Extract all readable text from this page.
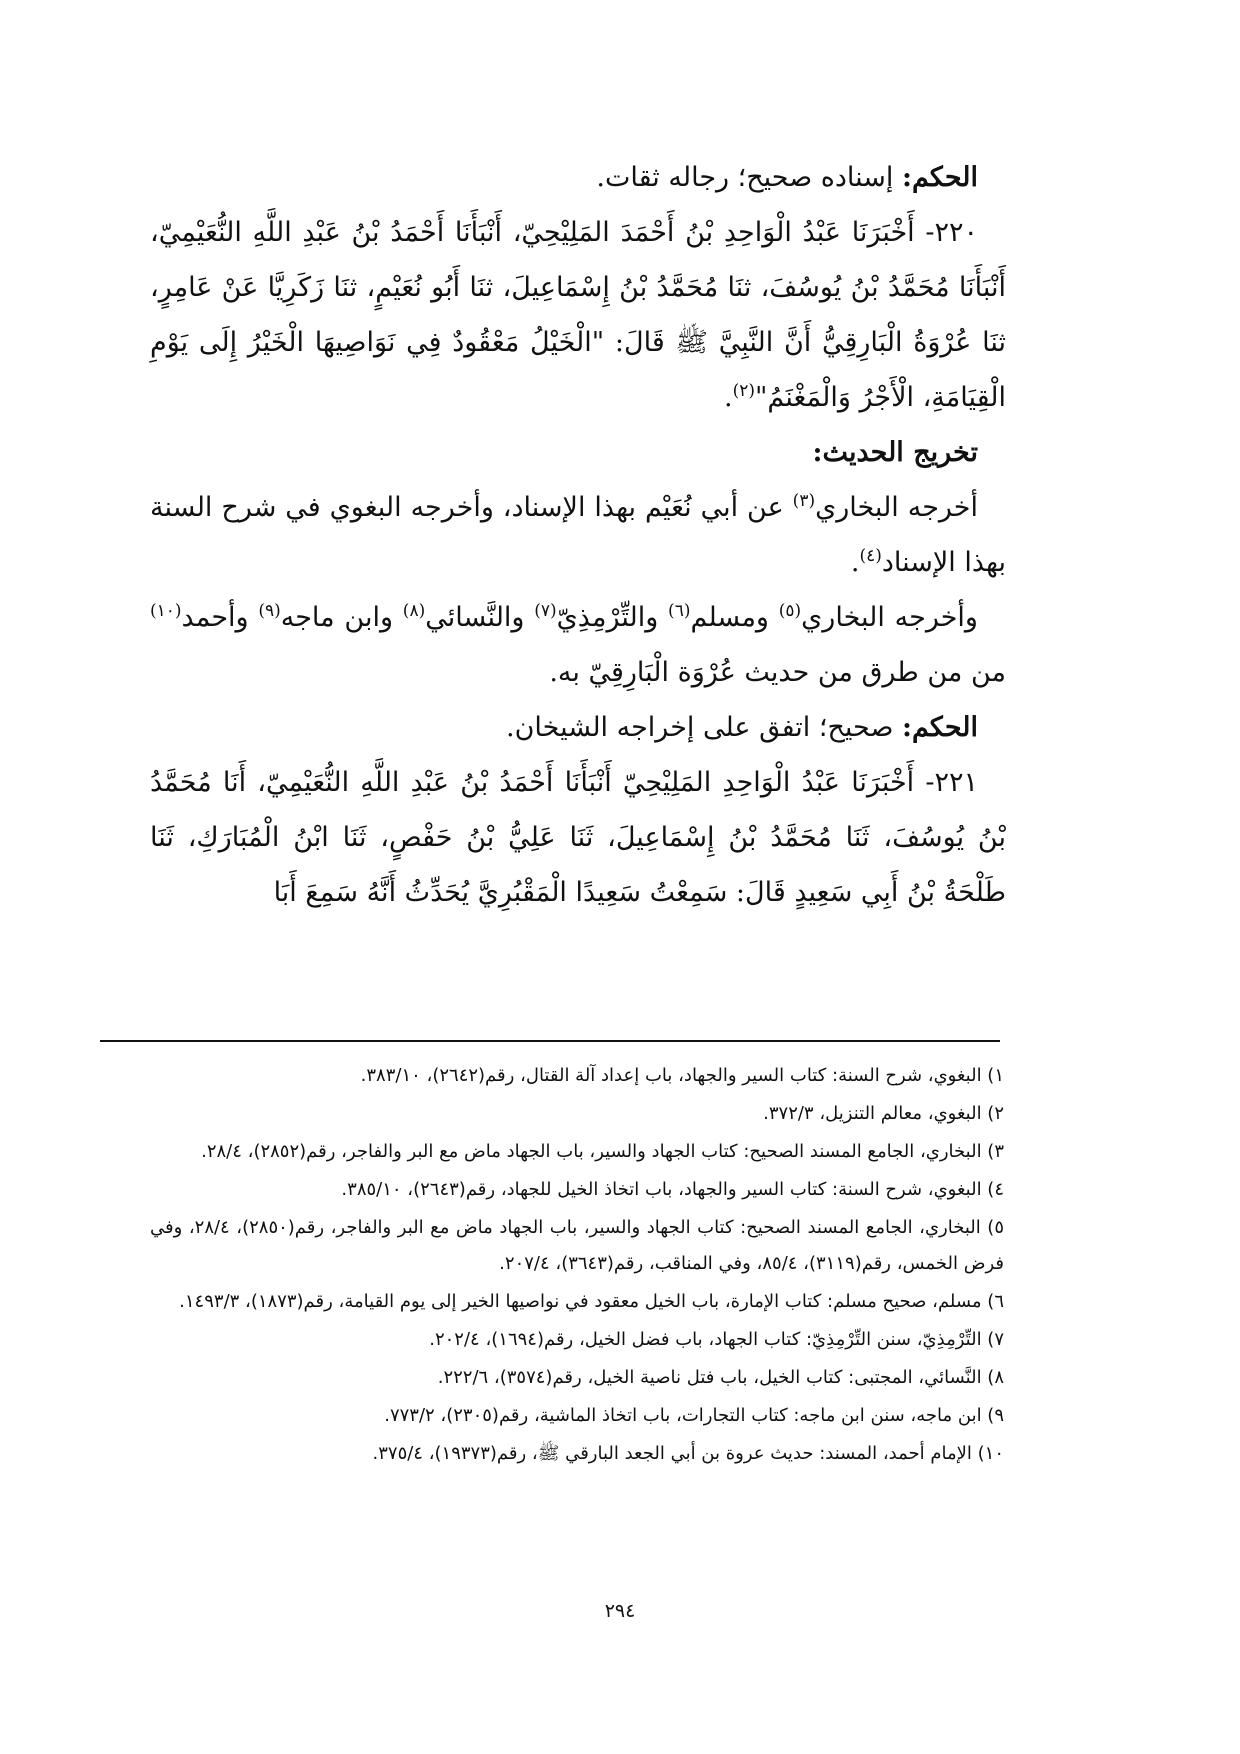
الحكم: إسناده صحيح؛ رجاله ثقات.

٢٢٠- أَخْبَرَنَا عَبْدُ الْوَاحِدِ بْنُ أَحْمَدَ المَلِيْحِيّ، أَنْبَأَنَا أَحْمَدُ بْنُ عَبْدِ اللَّهِ النُّعَيْمِيّ، أَنْبَأَنَا مُحَمَّدُ بْنُ يُوسُفَ، ثنَا مُحَمَّدُ بْنُ إِسْمَاعِيلَ، ثنَا أَبُو نُعَيْمٍ، ثنَا زَكَرِيَّا عَنْ عَامِرٍ، ثنَا عُرْوَةُ الْبَارِقِيُّ أَنَّ النَّبِيَّ ﷺ قَالَ: "الْخَيْلُ مَعْقُودٌ فِي نَوَاصِيهَا الْخَيْرُ إِلَى يَوْمِ الْقِيَامَةِ، الْأَجْرُ وَالْمَغْنَمُ"$^{(٢)}$.

تخريج الحديث:

أخرجه البخاري$^{(٣)}$ عن أبي نُعَيْم بهذا الإسناد، وأخرجه البغوي في شرح السنة بهذا الإسناد$^{(٤)}$.

وأخرجه البخاري$^{(٥)}$ ومسلم$^{(٦)}$ والتِّرْمِذِيّ$^{(٧)}$ والنَّسائي$^{(٨)}$ وابن ماجه$^{(٩)}$ وأحمد$^{(١٠)}$ من من طرق من حديث عُرْوَة الْبَارِقِيّ به.

الحكم: صحيح؛ اتفق على إخراجه الشيخان.

٢٢١- أَخْبَرَنَا عَبْدُ الْوَاحِدِ المَلِيْحِيّ أَنْبَأَنَا أَحْمَدُ بْنُ عَبْدِ اللَّهِ النُّعَيْمِيّ، أَنَا مُحَمَّدُ بْنُ يُوسُفَ، ثَنَا مُحَمَّدُ بْنُ إِسْمَاعِيلَ، ثَنَا عَلِيُّ بْنُ حَفْصٍ، ثَنَا ابْنُ الْمُبَارَكِ، ثَنَا طَلْحَةُ بْنُ أَبِي سَعِيدٍ قَالَ: سَمِعْتُ سَعِيدًا الْمَقْبُرِيَّ يُحَدِّثُ أَنَّهُ سَمِعَ أَبَا

١) البغوي، شرح السنة: كتاب السير والجهاد، باب إعداد آلة القتال، رقم(٢٦٤٢)، ٣٨٣/١٠.

٢) البغوي، معالم التنزيل، ٣٧٢/٣.

٣) البخاري، الجامع المسند الصحيح: كتاب الجهاد والسير، باب الجهاد ماض مع البر والفاجر، رقم(٢٨٥٢)، ٢٨/٤.

٤) البغوي، شرح السنة: كتاب السير والجهاد، باب اتخاذ الخيل للجهاد، رقم(٢٦٤٣)، ٣٨٥/١٠.

٥) البخاري، الجامع المسند الصحيح: كتاب الجهاد والسير، باب الجهاد ماض مع البر والفاجر، رقم(٢٨٥٠)، ٢٨/٤، وفي فرض الخمس، رقم(٣١١٩)، ٨٥/٤، وفي المناقب، رقم(٣٦٤٣)، ٢٠٧/٤.

٦) مسلم، صحيح مسلم: كتاب الإمارة، باب الخيل معقود في نواصيها الخير إلى يوم القيامة، رقم(١٨٧٣)، ١٤٩٣/٣.

٧) التِّرْمِذِيّ، سنن التِّرْمِذِيّ: كتاب الجهاد، باب فضل الخيل، رقم(١٦٩٤)، ٢٠٢/٤.

٨) النَّسائي، المجتبى: كتاب الخيل، باب فتل ناصية الخيل، رقم(٣٥٧٤)، ٢٢٢/٦.

٩) ابن ماجه، سنن ابن ماجه: كتاب التجارات، باب اتخاذ الماشية، رقم(٢٣٠٥)، ٧٧٣/٢.

١٠) الإمام أحمد، المسند: حديث عروة بن أبي الجعد البارقي ﷺ، رقم(١٩٣٧٣)، ٣٧٥/٤.

٢٩٤
